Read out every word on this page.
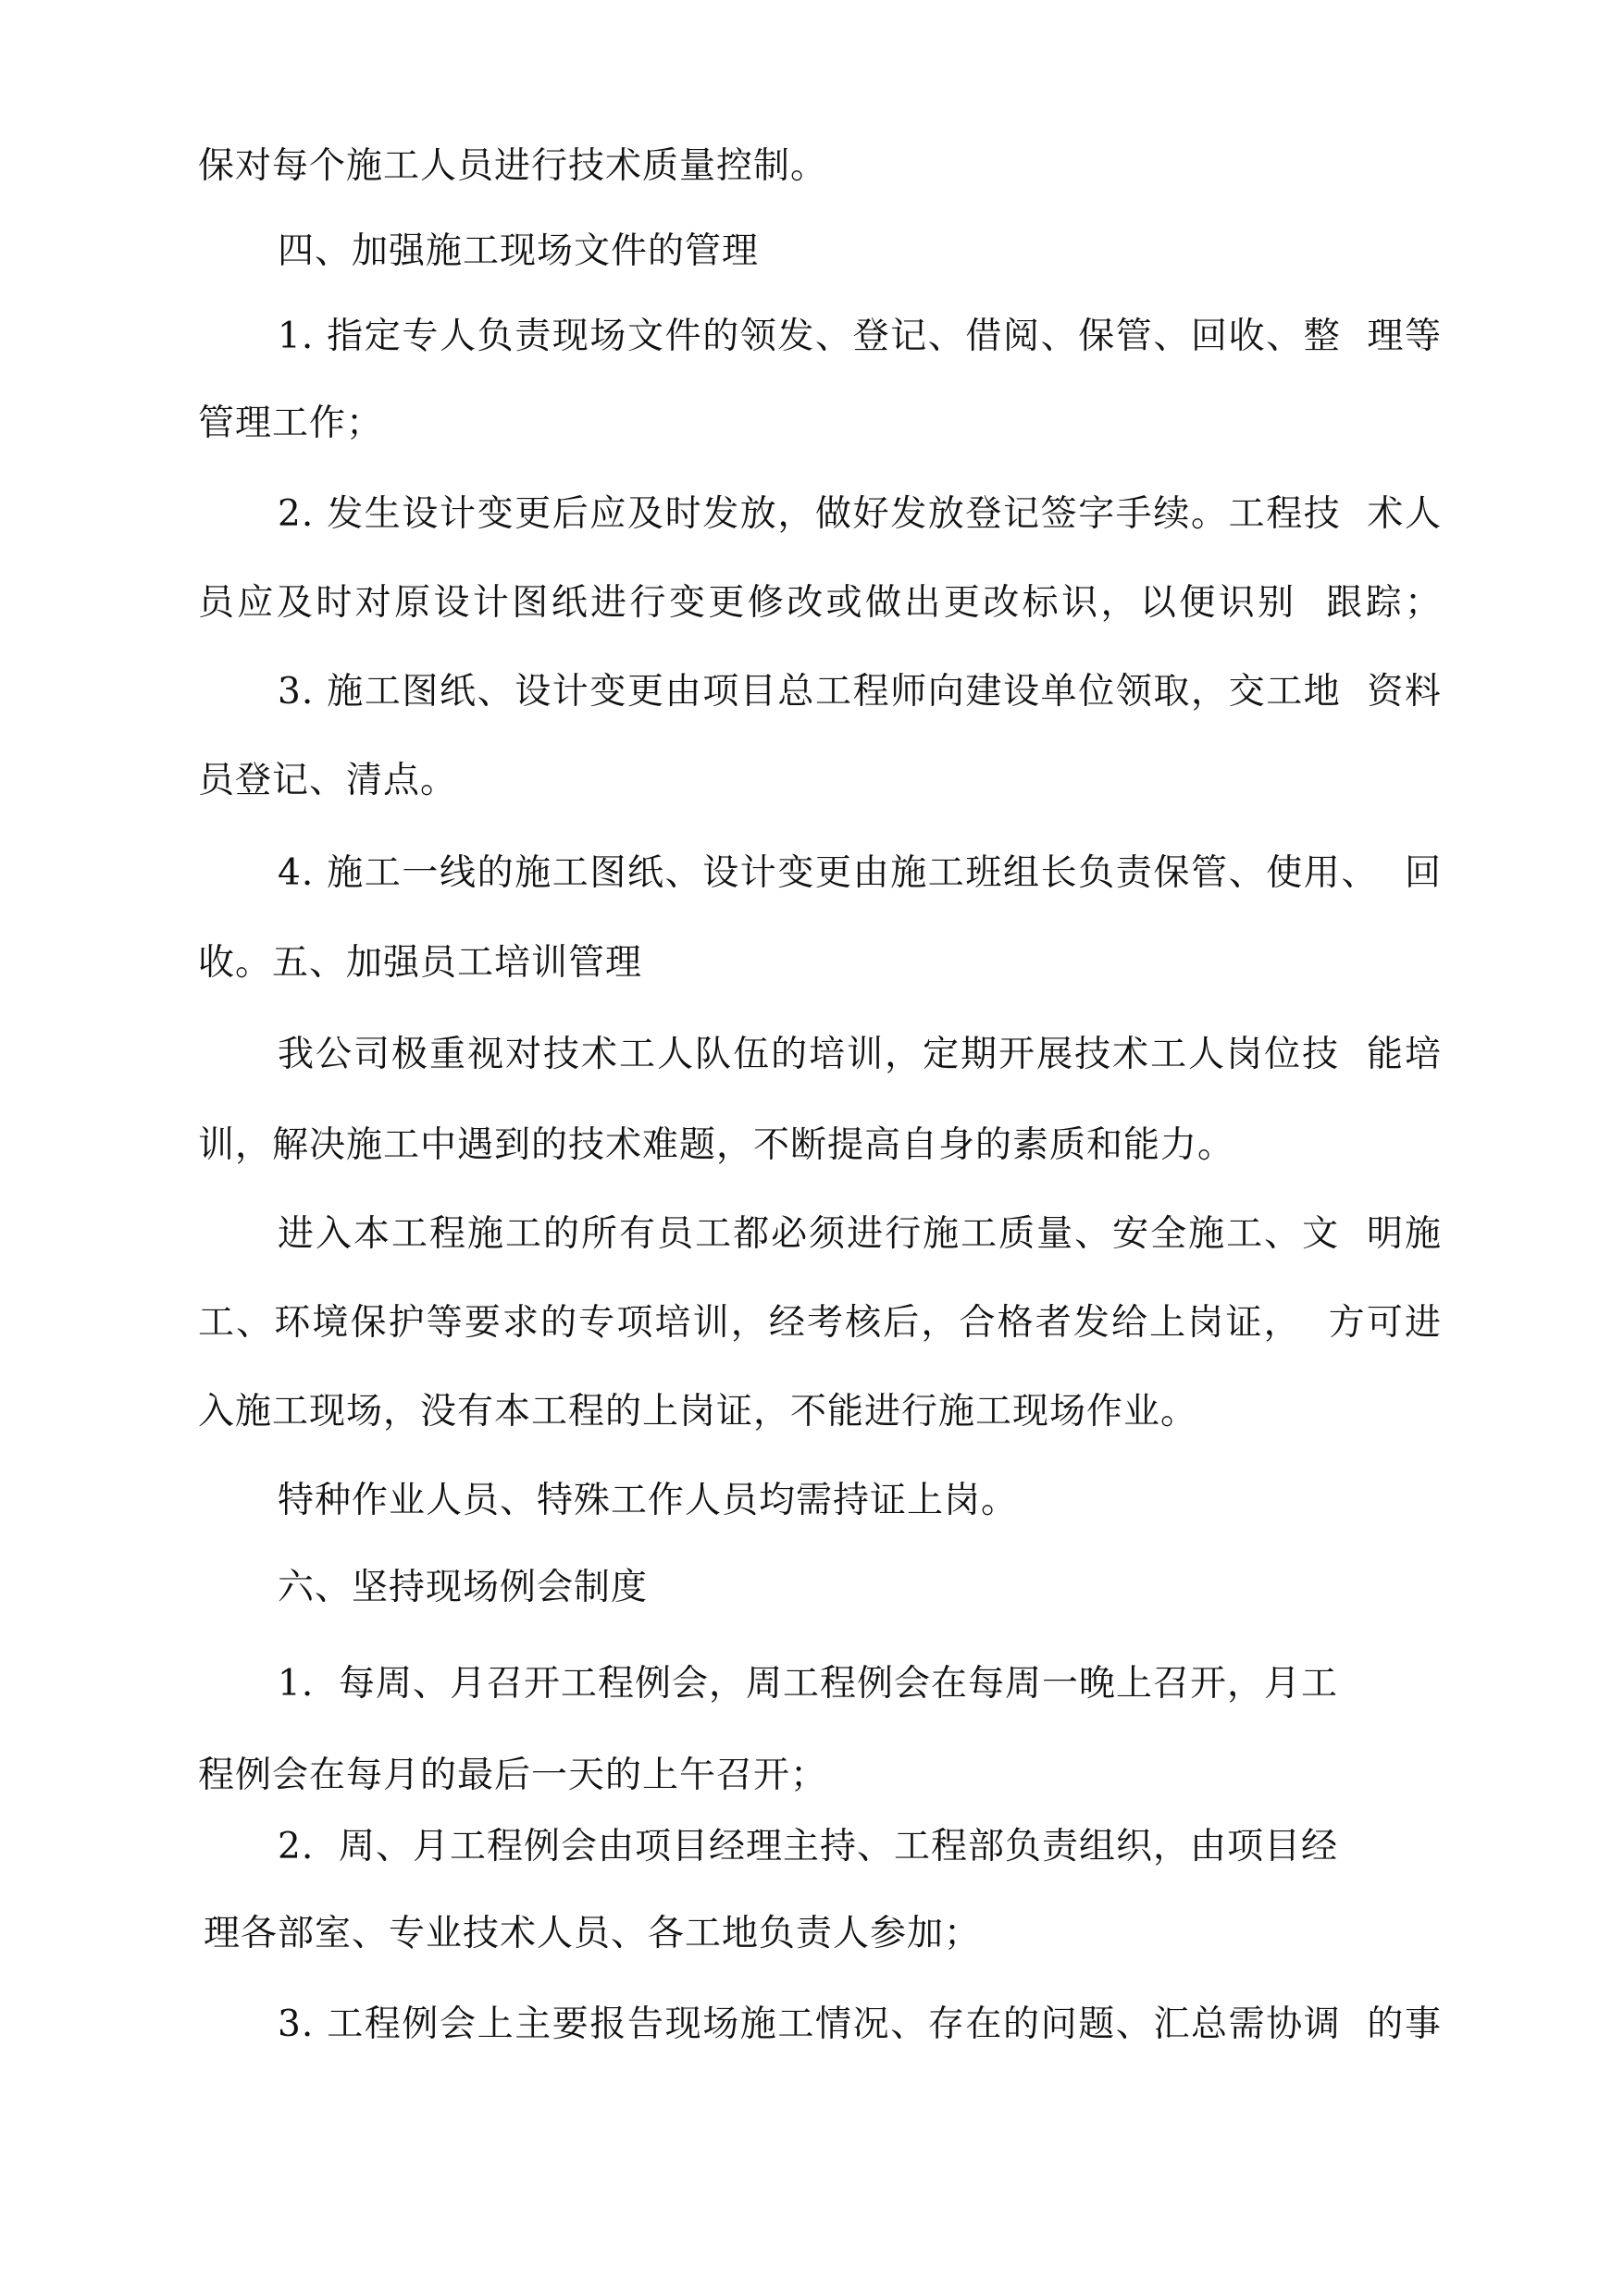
保对每个施工人员进行技术质量控制。
四、加强施工现场文件的管理
1. 指定专人负责现场文件的领发、登记、借阅、保管、回收、整  理等
管理工作；
2. 发生设计变更后应及时发放，做好发放登记签字手续。工程技  术人
员应及时对原设计图纸进行变更修改或做出更改标识，以便识别  跟踪；
3. 施工图纸、设计变更由项目总工程师向建设单位领取，交工地  资料
员登记、清点。
4. 施工一线的施工图纸、设计变更由施工班组长负责保管、使用、  回
收。五、加强员工培训管理
我公司极重视对技术工人队伍的培训，定期开展技术工人岗位技  能培
训，解决施工中遇到的技术难题，不断提高自身的素质和能力。
进入本工程施工的所有员工都必须进行施工质量、安全施工、文  明施
工、环境保护等要求的专项培训，经考核后，合格者发给上岗证，  方可进
入施工现场，没有本工程的上岗证，不能进行施工现场作业。
特种作业人员、特殊工作人员均需持证上岗。
六、坚持现场例会制度
1.  每周、月召开工程例会，周工程例会在每周一晚上召开，月工
程例会在每月的最后一天的上午召开；
2.  周、月工程例会由项目经理主持、工程部负责组织，由项目经
理各部室、专业技术人员、各工地负责人参加；
3. 工程例会上主要报告现场施工情况、存在的问题、汇总需协调  的事
